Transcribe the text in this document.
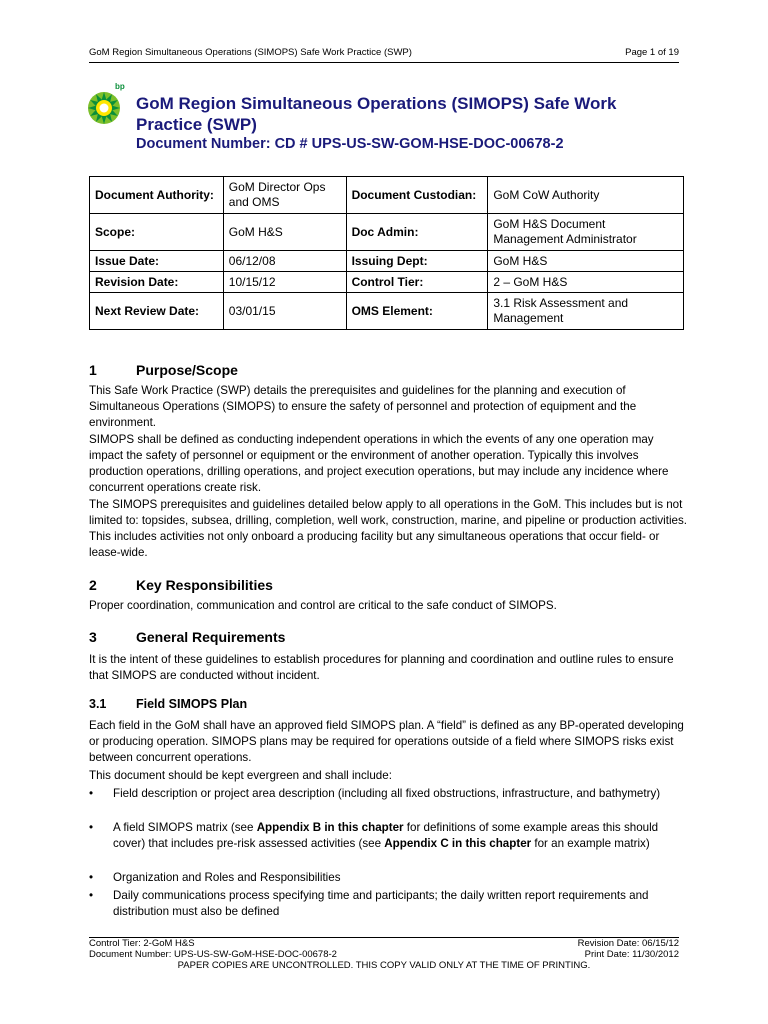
GoM Region Simultaneous Operations (SIMOPS) Safe Work Practice (SWP)	Page 1 of 19
bp
GoM Region Simultaneous Operations (SIMOPS) Safe Work Practice (SWP)
Document Number: CD # UPS-US-SW-GOM-HSE-DOC-00678-2
Document Authority:	GoM Director Ops and OMS	Document Custodian:	GoM CoW Authority
Scope:	GoM H&S	Doc Admin:	GoM H&S Document Management Administrator
Issue Date:	06/12/08	Issuing Dept:	GoM H&S
Revision Date:	10/15/12	Control Tier:	2 – GoM H&S
Next Review Date:	03/01/15	OMS Element:	3.1 Risk Assessment and Management
1	Purpose/Scope
This Safe Work Practice (SWP) details the prerequisites and guidelines for the planning and execution of Simultaneous Operations (SIMOPS) to ensure the safety of personnel and protection of equipment and the environment.
SIMOPS shall be defined as conducting independent operations in which the events of any one operation may impact the safety of personnel or equipment or the environment of another operation. Typically this involves production operations, drilling operations, and project execution operations, but may include any incidence where concurrent operations create risk.
The SIMOPS prerequisites and guidelines detailed below apply to all operations in the GoM. This includes but is not limited to: topsides, subsea, drilling, completion, well work, construction, marine, and pipeline or production activities. This includes activities not only onboard a producing facility but any simultaneous operations that occur field- or lease-wide.
2	Key Responsibilities
Proper coordination, communication and control are critical to the safe conduct of SIMOPS.
3	General Requirements
It is the intent of these guidelines to establish procedures for planning and coordination and outline rules to ensure that SIMOPS are conducted without incident.
3.1 Field SIMOPS Plan
Each field in the GoM shall have an approved field SIMOPS plan. A “field” is defined as any BP-operated developing or producing operation. SIMOPS plans may be required for operations outside of a field where SIMOPS risks exist between concurrent operations.
This document should be kept evergreen and shall include:
• Field description or project area description (including all fixed obstructions, infrastructure, and bathymetry)
• A field SIMOPS matrix (see Appendix B in this chapter for definitions of some example areas this should cover) that includes pre-risk assessed activities (see Appendix C in this chapter for an example matrix)
• Organization and Roles and Responsibilities
• Daily communications process specifying time and participants; the daily written report requirements and distribution must also be defined
Control Tier: 2-GoM H&S	Revision Date: 06/15/12
Document Number: UPS-US-SW-GoM-HSE-DOC-00678-2	Print Date: 11/30/2012
PAPER COPIES ARE UNCONTROLLED. THIS COPY VALID ONLY AT THE TIME OF PRINTING.
